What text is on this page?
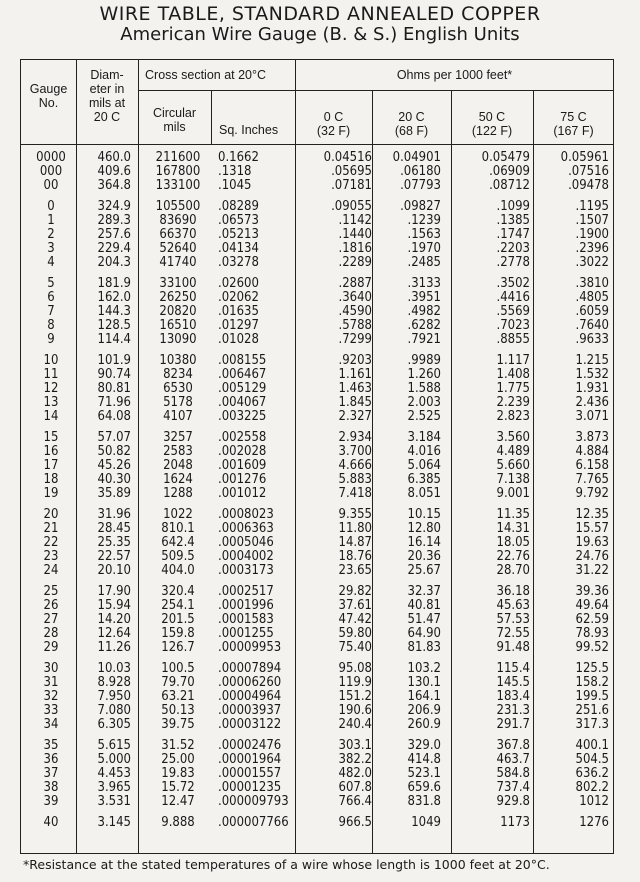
WIRE TABLE, STANDARD ANNEALED COPPER
American Wire Gauge (B. & S.) English Units
Gauge
No.
Diam-
eter in
mils at
20 C
Cross section at 20°C
Circular
mils	Sq. Inches
Ohms per 1000 feet*
0 C
(32 F)
20 C
(68 F)
50 C
(122 F)
75 C
(167 F)
0000	460.0	211600	0.1662	0.04516	0.04901	0.05479	0.05961
000	409.6	167800	.1318	.05695	.06180	.06909	.07516
00	364.8	133100	.1045	.07181	.07793	.08712	.09478
0	324.9	105500	.08289	.09055	.09827	.1099	.1195
1	289.3	83690	.06573	.1142	.1239	.1385	.1507
2	257.6	66370	.05213	.1440	.1563	.1747	.1900
3	229.4	52640	.04134	.1816	.1970	.2203	.2396
4	204.3	41740	.03278	.2289	.2485	.2778	.3022
5	181.9	33100	.02600	.2887	.3133	.3502	.3810
6	162.0	26250	.02062	.3640	.3951	.4416	.4805
7	144.3	20820	.01635	.4590	.4982	.5569	.6059
8	128.5	16510	.01297	.5788	.6282	.7023	.7640
9	114.4	13090	.01028	.7299	.7921	.8855	.9633
10	101.9	10380	.008155	.9203	.9989	1.117	1.215
11	90.74	8234	.006467	1.161	1.260	1.408	1.532
12	80.81	6530	.005129	1.463	1.588	1.775	1.931
13	71.96	5178	.004067	1.845	2.003	2.239	2.436
14	64.08	4107	.003225	2.327	2.525	2.823	3.071
15	57.07	3257	.002558	2.934	3.184	3.560	3.873
16	50.82	2583	.002028	3.700	4.016	4.489	4.884
17	45.26	2048	.001609	4.666	5.064	5.660	6.158
18	40.30	1624	.001276	5.883	6.385	7.138	7.765
19	35.89	1288	.001012	7.418	8.051	9.001	9.792
20	31.96	1022	.0008023	9.355	10.15	11.35	12.35
21	28.45	810.1	.0006363	11.80	12.80	14.31	15.57
22	25.35	642.4	.0005046	14.87	16.14	18.05	19.63
23	22.57	509.5	.0004002	18.76	20.36	22.76	24.76
24	20.10	404.0	.0003173	23.65	25.67	28.70	31.22
25	17.90	320.4	.0002517	29.82	32.37	36.18	39.36
26	15.94	254.1	.0001996	37.61	40.81	45.63	49.64
27	14.20	201.5	.0001583	47.42	51.47	57.53	62.59
28	12.64	159.8	.0001255	59.80	64.90	72.55	78.93
29	11.26	126.7	.00009953	75.40	81.83	91.48	99.52
30	10.03	100.5	.00007894	95.08	103.2	115.4	125.5
31	8.928	79.70	.00006260	119.9	130.1	145.5	158.2
32	7.950	63.21	.00004964	151.2	164.1	183.4	199.5
33	7.080	50.13	.00003937	190.6	206.9	231.3	251.6
34	6.305	39.75	.00003122	240.4	260.9	291.7	317.3
35	5.615	31.52	.00002476	303.1	329.0	367.8	400.1
36	5.000	25.00	.00001964	382.2	414.8	463.7	504.5
37	4.453	19.83	.00001557	482.0	523.1	584.8	636.2
38	3.965	15.72	.00001235	607.8	659.6	737.4	802.2
39	3.531	12.47	.000009793	766.4	831.8	929.8	1012
40	3.145	9.888	.000007766	966.5	1049	1173	1276
*Resistance at the stated temperatures of a wire whose length is 1000 feet at 20°C.
